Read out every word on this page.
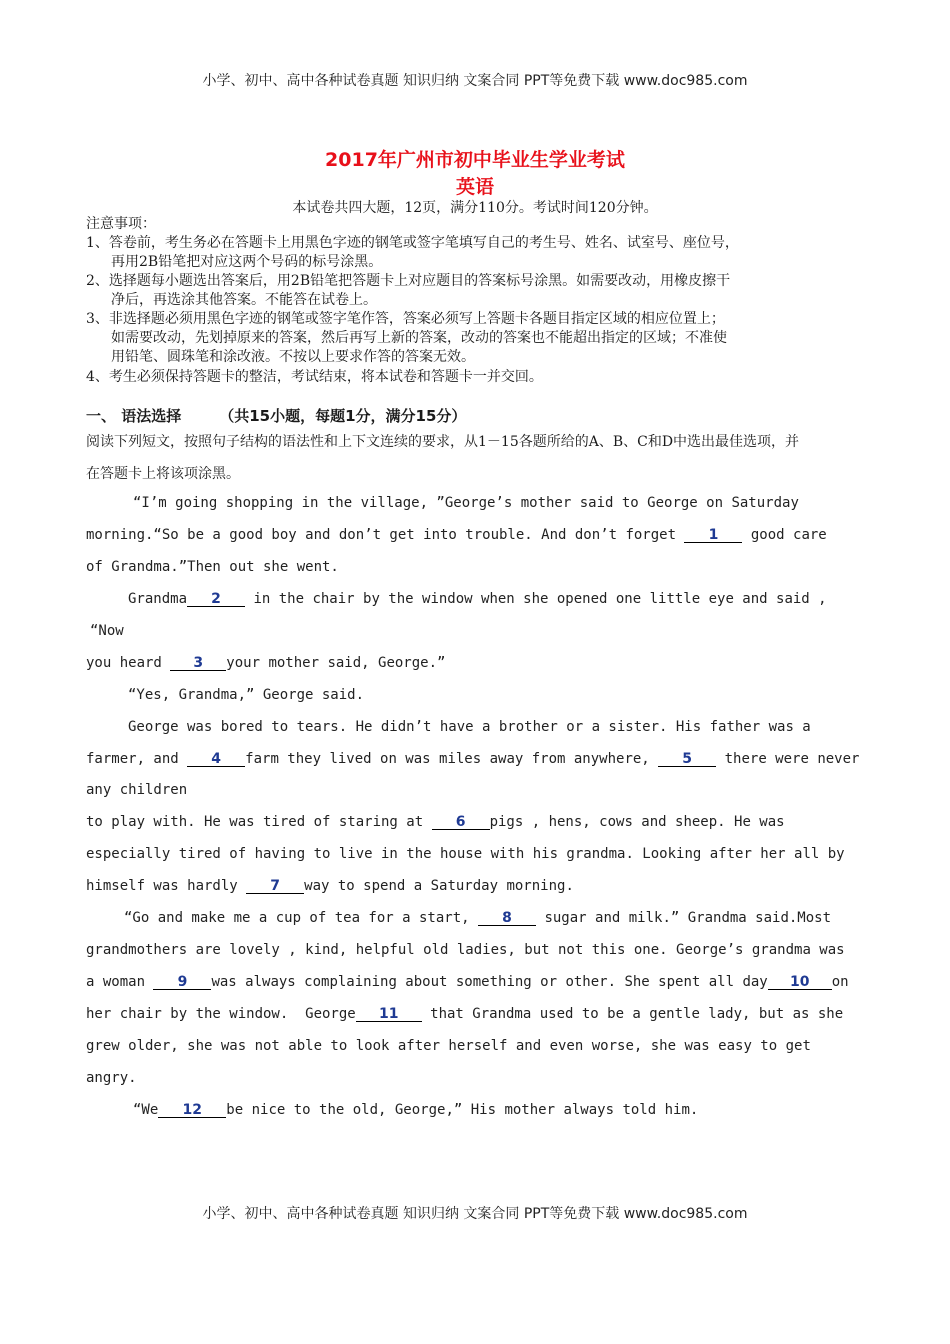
小学、初中、高中各种试卷真题 知识归纳 文案合同 PPT等免费下载 www.doc985.com
2017年广州市初中毕业生学业考试
英语
本试卷共四大题，12页，满分110分。考试时间120分钟。
注意事项：
1、答卷前，考生务必在答题卡上用黑色字迹的钢笔或签字笔填写自己的考生号、姓名、试室号、座位号，
再用2B铅笔把对应这两个号码的标号涂黑。
2、选择题每小题选出答案后，用2B铅笔把答题卡上对应题目的答案标号涂黑。如需要改动，用橡皮擦干
净后，再选涂其他答案。不能答在试卷上。
3、非选择题必须用黑色字迹的钢笔或签字笔作答，答案必须写上答题卡各题目指定区域的相应位置上；
如需要改动，先划掉原来的答案，然后再写上新的答案，改动的答案也不能超出指定的区域；不准使
用铅笔、圆珠笔和涂改液。不按以上要求作答的答案无效。
4、考生必须保持答题卡的整洁，考试结束，将本试卷和答题卡一并交回。
一、 语法选择	（共15小题，每题1分，满分15分）
阅读下列短文，按照句子结构的语法性和上下文连续的要求，从1－15各题所给的A、B、C和D中选出最佳选项，并
在答题卡上将该项涂黑。
“I’m going shopping in the village, ”George’s mother said to George on Saturday
morning.“So be a good boy and don’t get into trouble. And don’t forget 1 good care
of Grandma.”Then out she went.
Grandma 2 in the chair by the window when she opened one little eye and said ,
“Now
you heard 3 your mother said, George.”
“Yes, Grandma,” George said.
George was bored to tears. He didn’t have a brother or a sister. His father was a
farmer, and 4 farm they lived on was miles away from anywhere, 5 there were never
any children
to play with. He was tired of staring at 6 pigs , hens, cows and sheep. He was
especially tired of having to live in the house with his grandma. Looking after her all by
himself was hardly 7 way to spend a Saturday morning.
“Go and make me a cup of tea for a start, 8 sugar and milk.” Grandma said.Most
grandmothers are lovely , kind, helpful old ladies, but not this one. George’s grandma was
a woman 9 was always complaining about something or other. She spent all day 10 on
her chair by the window.  George 11 that Grandma used to be a gentle lady, but as she
grew older, she was not able to look after herself and even worse, she was easy to get
angry.
“We 12 be nice to the old, George,” His mother always told him.
小学、初中、高中各种试卷真题 知识归纳 文案合同 PPT等免费下载 www.doc985.com
